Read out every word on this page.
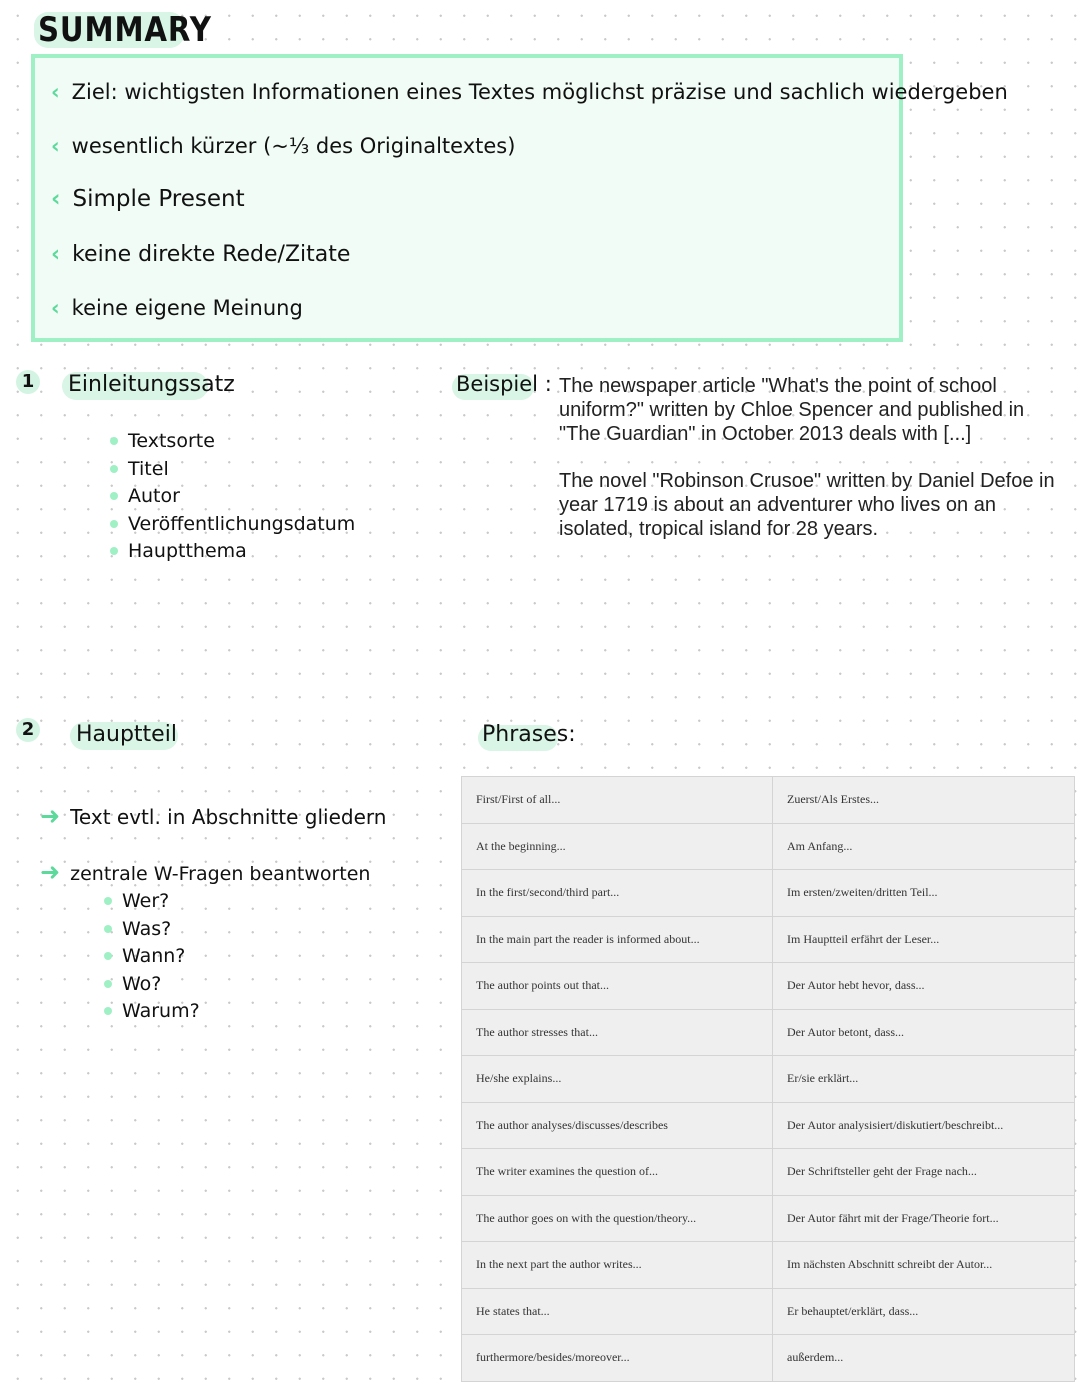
SUMMARY
‹ Ziel: wichtigsten Informationen eines Textes möglichst präzise und sachlich wiedergeben
‹ wesentlich kürzer (~⅓ des Originaltextes)
‹ Simple Present
‹ keine direkte Rede/Zitate
‹ keine eigene Meinung
1	Einleitungssatz
Textsorte
Titel
Autor
Veröffentlichungsdatum
Hauptthema
Beispiel : The newspaper article "What's the point of school uniform?" written by Chloe Spencer and published in "The Guardian" in October 2013 deals with [...]
The novel "Robinson Crusoe" written by Daniel Defoe in year 1719 is about an adventurer who lives on an isolated, tropical island for 28 years.
2	Hauptteil
➜ Text evtl. in Abschnitte gliedern
➜ zentrale W-Fragen beantworten
Wer?
Was?
Wann?
Wo?
Warum?
Phrases:
First/First of all...	Zuerst/Als Erstes...
At the beginning...	Am Anfang...
In the first/second/third part...	Im ersten/zweiten/dritten Teil...
In the main part the reader is informed about...	Im Hauptteil erfährt der Leser...
The author points out that...	Der Autor hebt hevor, dass...
The author stresses that...	Der Autor betont, dass...
He/she explains...	Er/sie erklärt...
The author analyses/discusses/describes	Der Autor analysisiert/diskutiert/beschreibt...
The writer examines the question of...	Der Schriftsteller geht der Frage nach...
The author goes on with the question/theory...	Der Autor fährt mit der Frage/Theorie fort...
In the next part the author writes...	Im nächsten Abschnitt schreibt der Autor...
He states that...	Er behauptet/erklärt, dass...
furthermore/besides/moreover...	außerdem...
